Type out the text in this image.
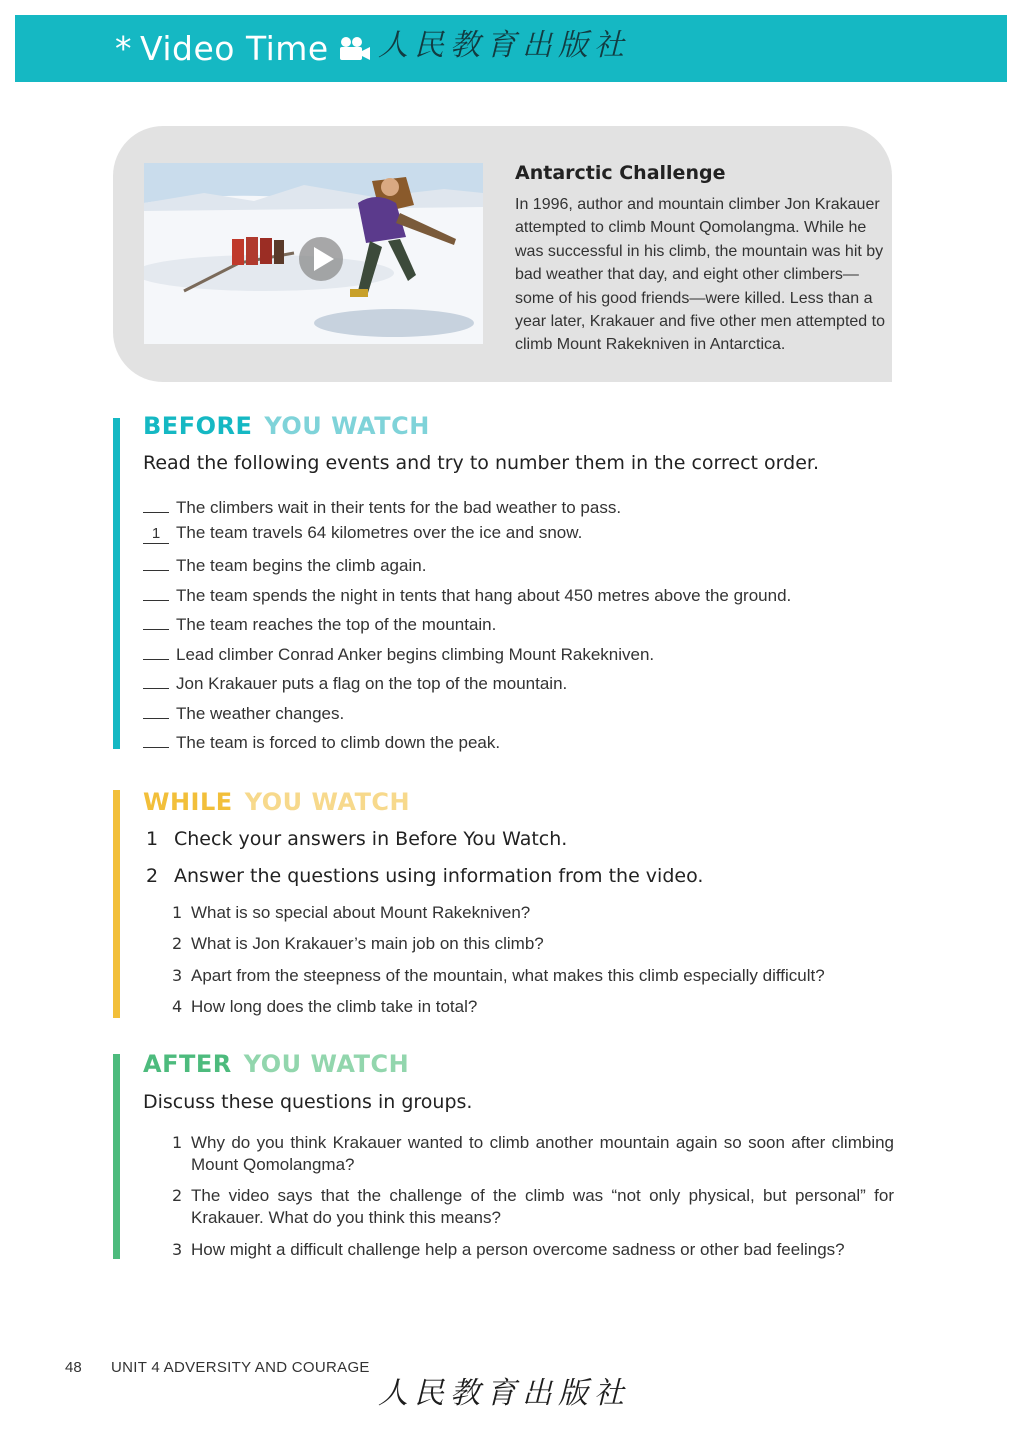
* Video Time	人民教育出版社
Antarctic Challenge
In 1996, author and mountain climber Jon Krakauer attempted to climb Mount Qomolangma. While he was successful in his climb, the mountain was hit by bad weather that day, and eight other climbers—some of his good friends—were killed. Less than a year later, Krakauer and five other men attempted to climb Mount Rakekniven in Antarctica.
BEFORE YOU WATCH
Read the following events and try to number them in the correct order.
The climbers wait in their tents for the bad weather to pass.
1 The team travels 64 kilometres over the ice and snow.
The team begins the climb again.
The team spends the night in tents that hang about 450 metres above the ground.
The team reaches the top of the mountain.
Lead climber Conrad Anker begins climbing Mount Rakekniven.
Jon Krakauer puts a flag on the top of the mountain.
The weather changes.
The team is forced to climb down the peak.
WHILE YOU WATCH
1 Check your answers in Before You Watch.
2 Answer the questions using information from the video.
1 What is so special about Mount Rakekniven?
2 What is Jon Krakauer’s main job on this climb?
3 Apart from the steepness of the mountain, what makes this climb especially difficult?
4 How long does the climb take in total?
AFTER YOU WATCH
Discuss these questions in groups.
1 Why do you think Krakauer wanted to climb another mountain again so soon after climbing Mount Qomolangma?
2 The video says that the challenge of the climb was “not only physical, but personal” for Krakauer. What do you think this means?
3 How might a difficult challenge help a person overcome sadness or other bad feelings?
48 UNIT 4 ADVERSITY AND COURAGE
人民教育出版社
